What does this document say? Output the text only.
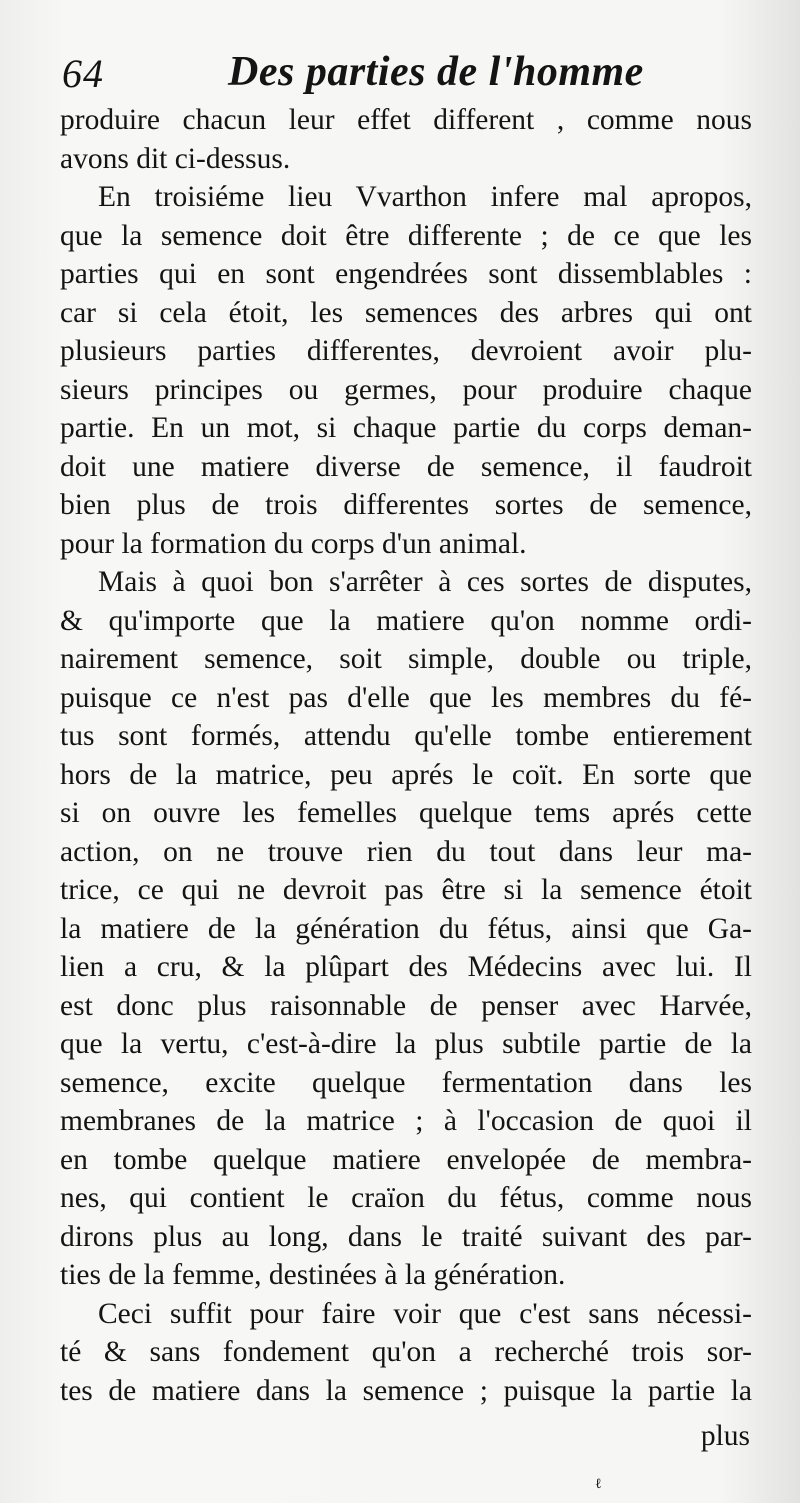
64	Des parties de l'homme
produire chacun leur effet different , comme nous
avons dit ci-dessus.
En troisiéme lieu Vvarthon infere mal apropos,
que la semence doit être differente ; de ce que les
parties qui en sont engendrées sont dissemblables :
car si cela étoit, les semences des arbres qui ont
plusieurs parties differentes, devroient avoir plu-
sieurs principes ou germes, pour produire chaque
partie. En un mot, si chaque partie du corps deman-
doit une matiere diverse de semence, il faudroit
bien plus de trois differentes sortes de semence,
pour la formation du corps d'un animal.
Mais à quoi bon s'arrêter à ces sortes de disputes,
& qu'importe que la matiere qu'on nomme ordi-
nairement semence, soit simple, double ou triple,
puisque ce n'est pas d'elle que les membres du fé-
tus sont formés, attendu qu'elle tombe entierement
hors de la matrice, peu aprés le coït. En sorte que
si on ouvre les femelles quelque tems aprés cette
action, on ne trouve rien du tout dans leur ma-
trice, ce qui ne devroit pas être si la semence étoit
la matiere de la génération du fétus, ainsi que Ga-
lien a cru, & la plûpart des Médecins avec lui. Il
est donc plus raisonnable de penser avec Harvée,
que la vertu, c'est-à-dire la plus subtile partie de la
semence, excite quelque fermentation dans les
membranes de la matrice ; à l'occasion de quoi il
en tombe quelque matiere envelopée de membra-
nes, qui contient le craïon du fétus, comme nous
dirons plus au long, dans le traité suivant des par-
ties de la femme, destinées à la génération.
Ceci suffit pour faire voir que c'est sans nécessi-
té & sans fondement qu'on a recherché trois sor-
tes de matiere dans la semence ; puisque la partie la
plus
ℓ
